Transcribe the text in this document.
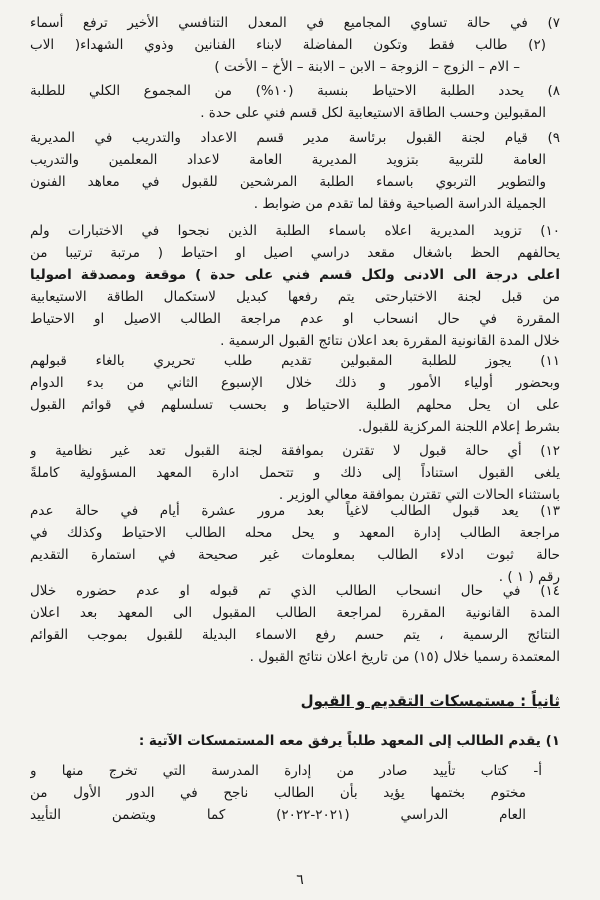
٧) في حالة تساوي المجاميع في المعدل التنافسي الأخير ترفع أسماء
(٢) طالب فقط وتكون المفاضلة لابناء الفنانين وذوي الشهداء( الاب
– الام – الزوج – الزوجة – الابن – الابنة – الأخ – الأخت )
٨) يحدد الطلبة الاحتياط بنسبة (١٠%) من المجموع الكلي للطلبة
المقبولين وحسب الطاقة الاستيعابية لكل قسم فني على حدة .
٩) قيام لجنة القبول برئاسة مدير قسم الاعداد والتدريب في المديرية
العامة للتربية بتزويد المديرية العامة لاعداد المعلمين والتدريب
والتطوير التربوي باسماء الطلبة المرشحين للقبول في معاهد الفنون
الجميلة الدراسة الصباحية وفقا لما تقدم من ضوابط .
١٠) تزويد المديرية اعلاه باسماء الطلبة الذين نجحوا في الاختبارات ولم
يحالفهم الحظ باشغال مقعد دراسي اصيل او احتياط ( مرتبة ترتيبا من
اعلى درجة الى الادنى ولكل قسم فني على حدة ) موقعة ومصدقة اصوليا
من قبل لجنة الاختبارحتى يتم رفعها كبديل لاستكمال الطاقة الاستيعابية
المقررة في حال انسحاب او عدم مراجعة الطالب الاصيل او الاحتياط
خلال المدة القانونية المقررة بعد اعلان نتائج القبول الرسمية .
١١) يجوز للطلبة المقبولين تقديم طلب تحريري بالغاء قبولهم
وبحضور أولياء الأمور و ذلك خلال الإسبوع الثاني من بدء الدوام
على ان يحل محلهم الطلبة الاحتياط و بحسب تسلسلهم في قوائم القبول
بشرط إعلام اللجنة المركزية للقبول.
١٢) أي حالة قبول لا تقترن بموافقة لجنة القبول تعد غير نظامية و
يلغى القبول استناداً إلى ذلك و تتحمل ادارة المعهد المسؤولية كاملةً
باستثناء الحالات التي تقترن بموافقة معالي الوزير .
١٣) يعد قبول الطالب لاغياً بعد مرور عشرة أيام في حالة عدم
مراجعة الطالب إدارة المعهد و يحل محله الطالب الاحتياط وكذلك في
حالة ثبوت ادلاء الطالب بمعلومات غير صحيحة في استمارة التقديم
رقم ( ١ ) .
١٤) في حال انسحاب الطالب الذي تم قبوله او عدم حضوره خلال
المدة القانونية المقررة لمراجعة الطالب المقبول الى المعهد بعد اعلان
النتائج الرسمية ، يتم حسم رفع الاسماء البديلة للقبول بموجب القوائم
المعتمدة رسميا خلال (١٥) من تاريخ اعلان نتائج القبول .
ثانياً : مستمسكات التقديم و القبول
١) يقدم الطالب إلى المعهد طلباً يرفق معه المستمسكات الآتية :
أ- كتاب تأييد صادر من إدارة المدرسة التي تخرج منها و
مختوم بختمها يؤيد بأن الطالب ناجح في الدور الأول من
العام الدراسي (٢٠٢١-٢٠٢٢) كما ويتضمن التأييد
٦
